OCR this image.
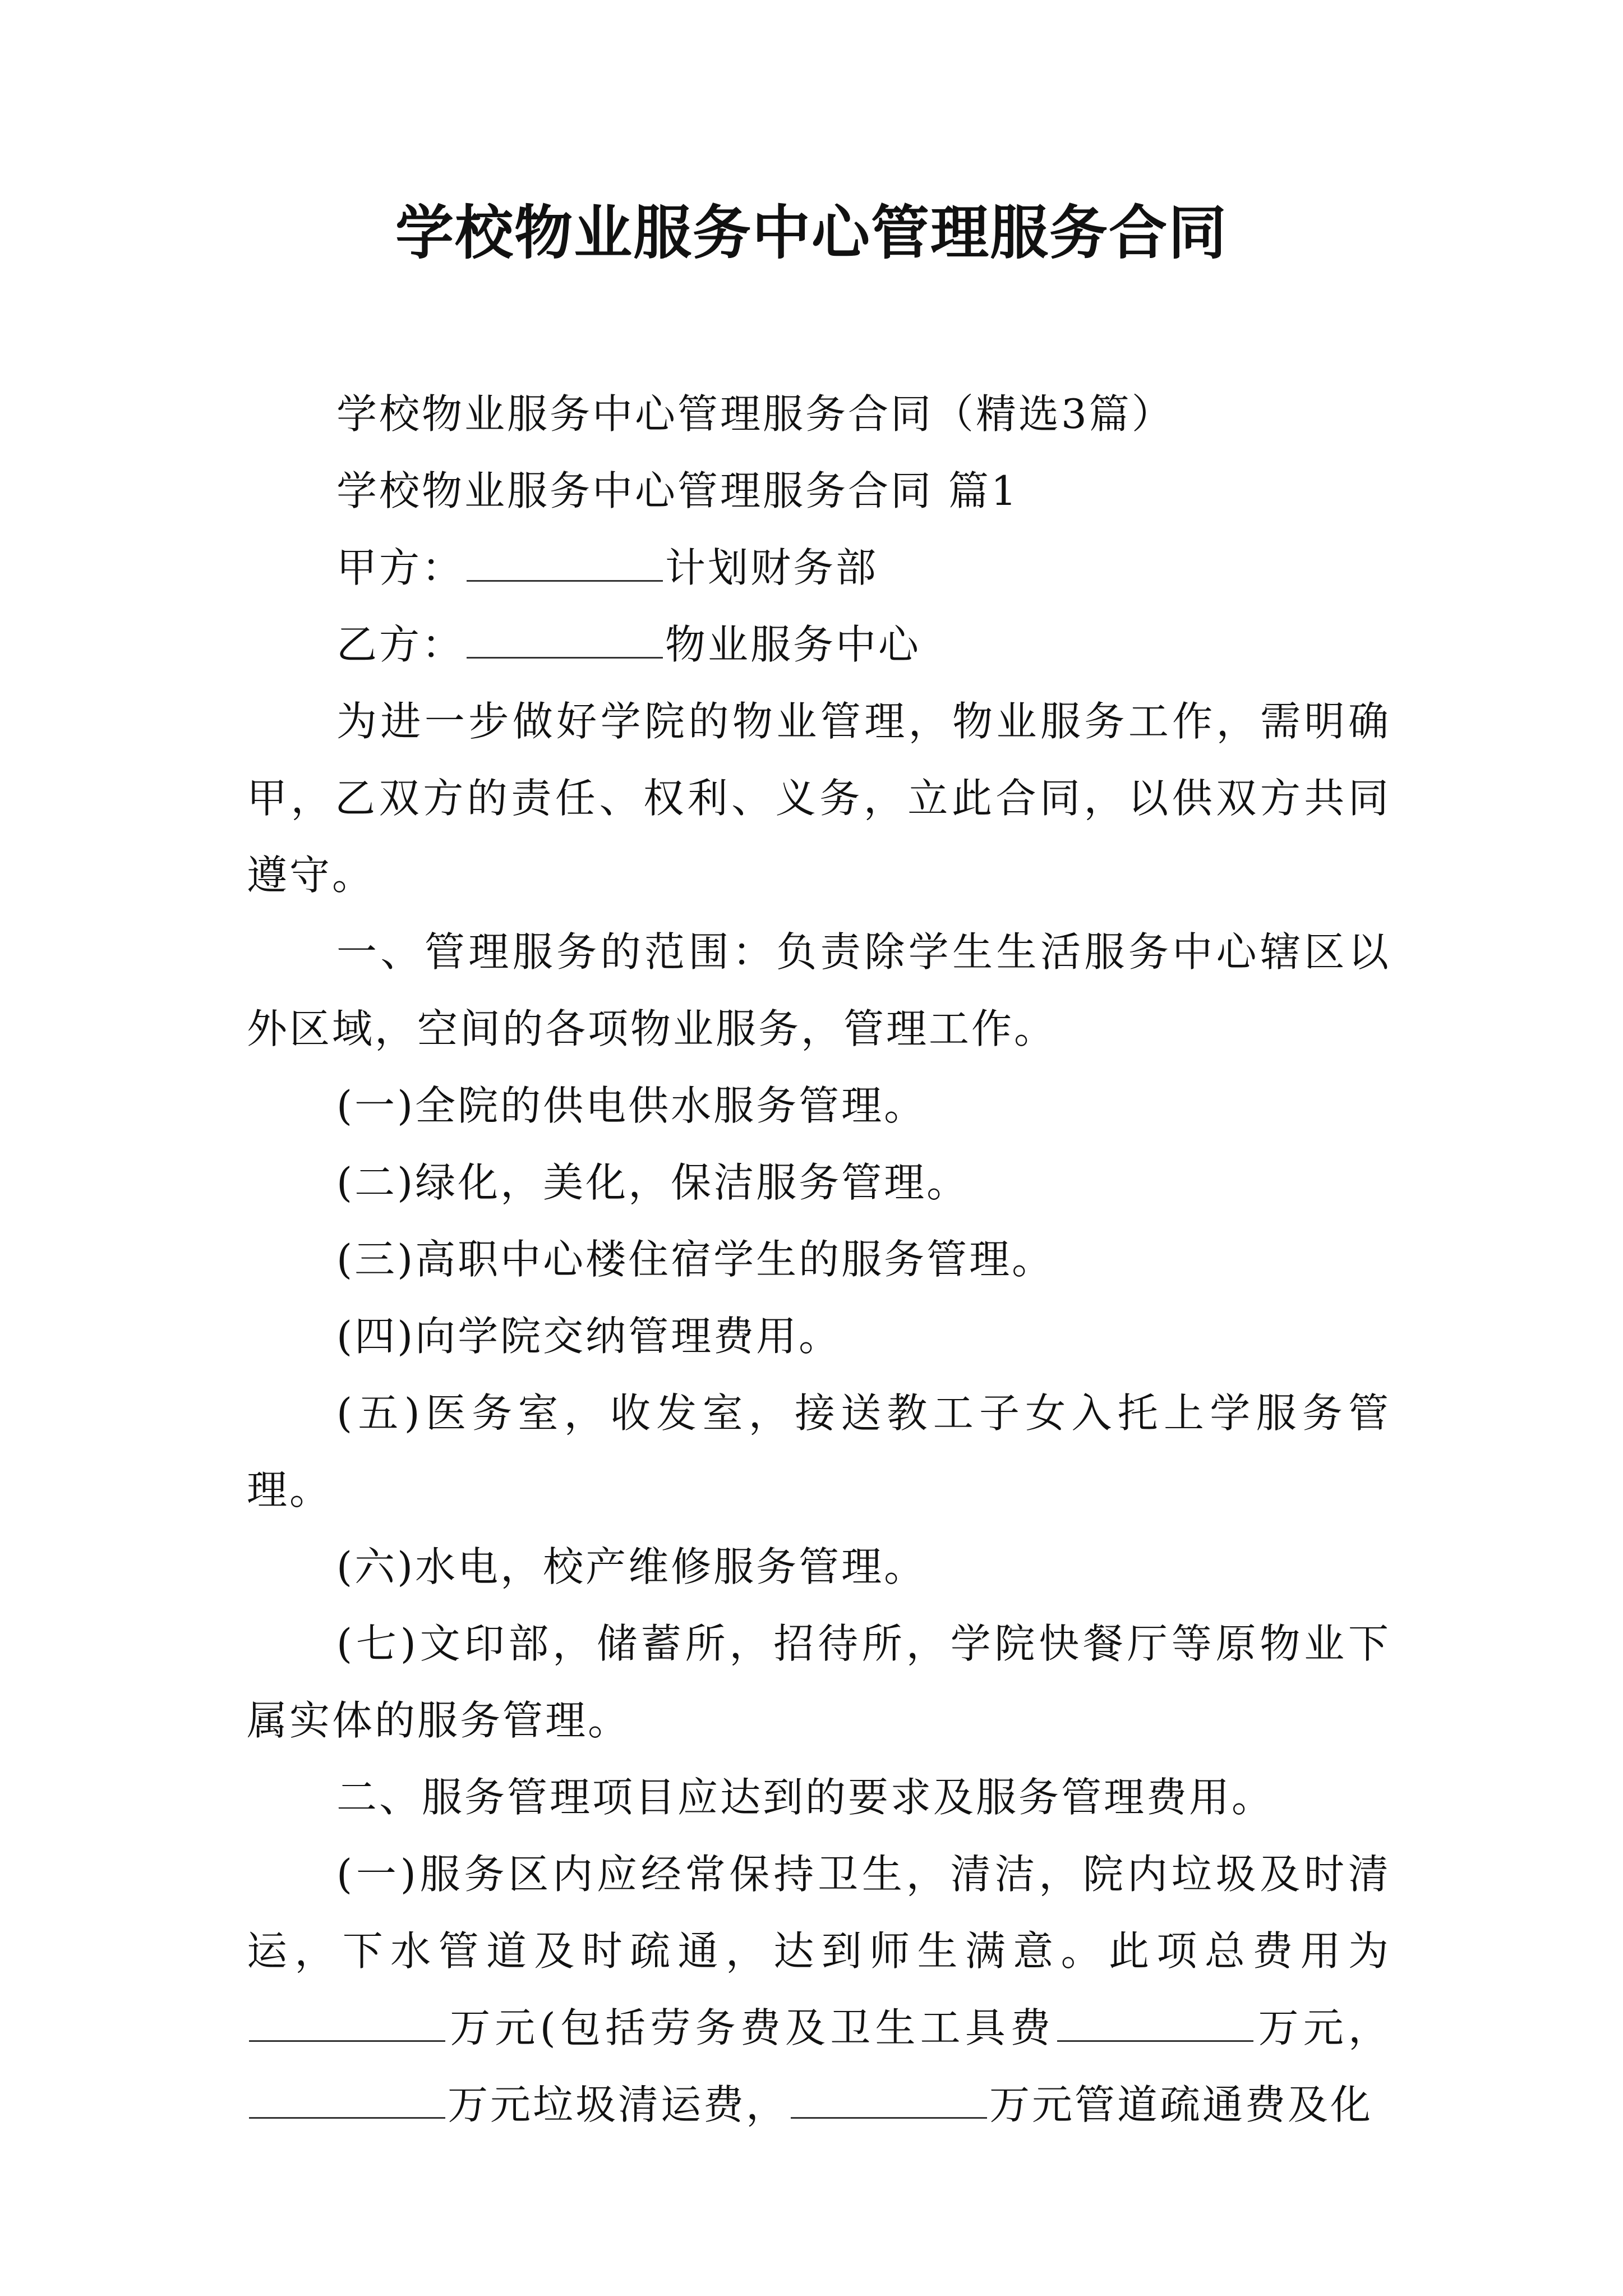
学校物业服务中心管理服务合同

学校物业服务中心管理服务合同（精选3篇）

学校物业服务中心管理服务合同 篇1

甲方：	计划财务部

乙方：	物业服务中心

为进一步做好学院的物业管理，物业服务工作，需明确甲，乙双方的责任、权利、义务，立此合同，以供双方共同遵守。

一、管理服务的范围：负责除学生生活服务中心辖区以外区域，空间的各项物业服务，管理工作。

(一)全院的供电供水服务管理。

(二)绿化，美化，保洁服务管理。

(三)高职中心楼住宿学生的服务管理。

(四)向学院交纳管理费用。

(五)医务室，收发室，接送教工子女入托上学服务管理。

(六)水电，校产维修服务管理。

(七)文印部，储蓄所，招待所，学院快餐厅等原物业下属实体的服务管理。

二、服务管理项目应达到的要求及服务管理费用。

(一)服务区内应经常保持卫生，清洁，院内垃圾及时清运，下水管道及时疏通，达到师生满意。此项总费用为万元(包括劳务费及卫生工具费	万元，万元垃圾清运费，	万元管道疏通费及化
